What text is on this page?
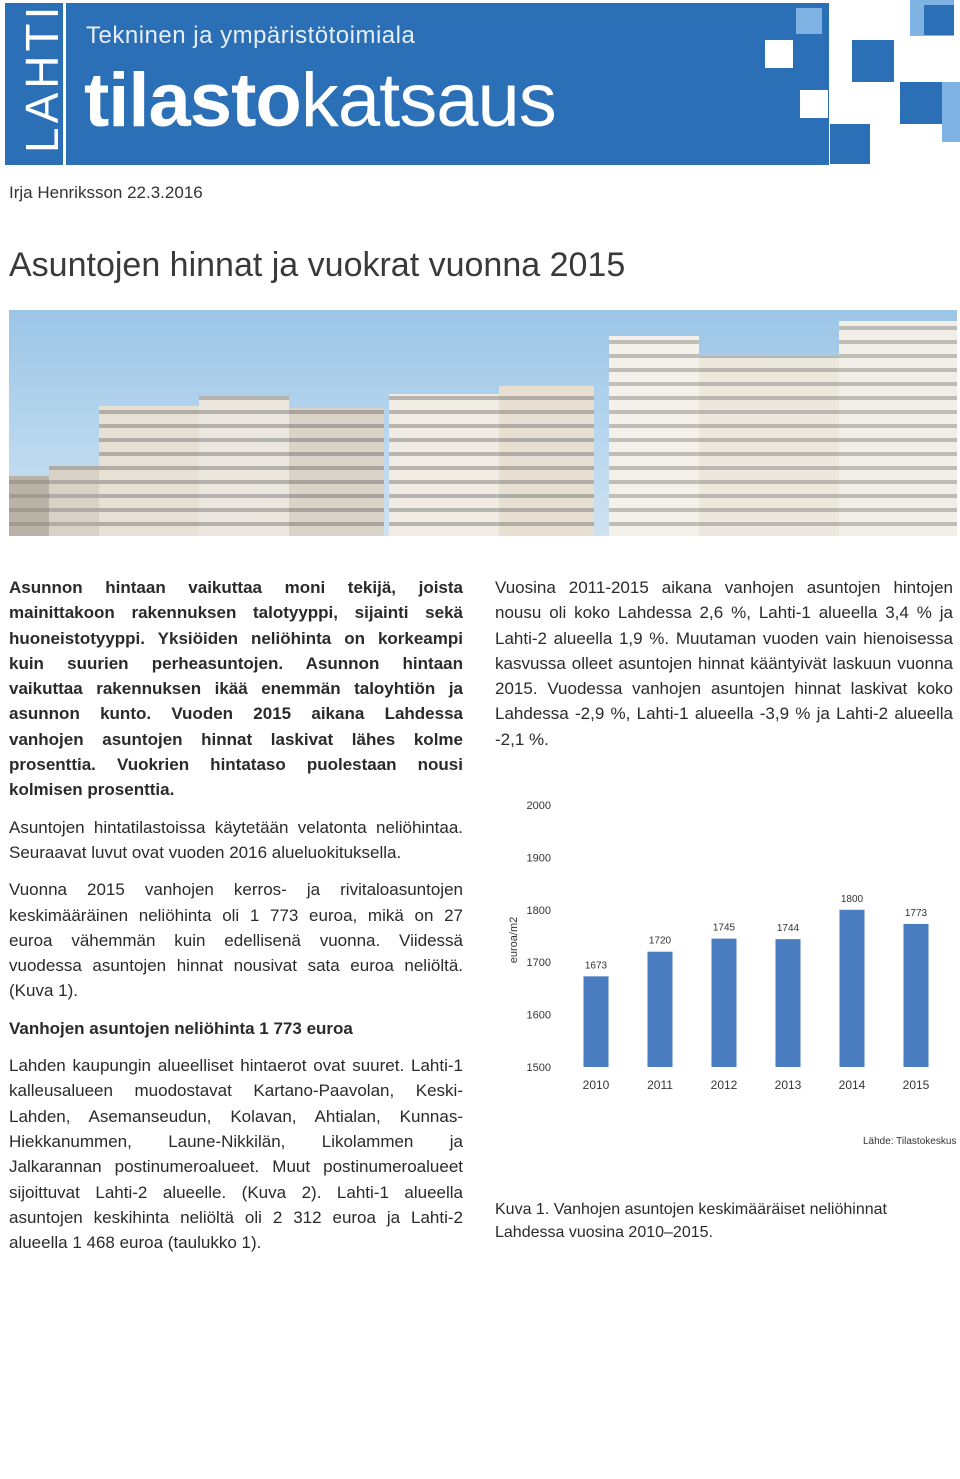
LAHTI Tekninen ja ympäristötoimiala
tilastokatsaus
Irja Henriksson 22.3.2016
Asuntojen hinnat ja vuokrat vuonna 2015

Asunnon hintaan vaikuttaa moni tekijä, joista mainittakoon rakennuksen talotyyppi, sijainti sekä huoneistotyyppi. Yksiöiden neliöhinta on korkeampi kuin suurien perheasuntojen. Asunnon hintaan vaikuttaa rakennuksen ikää enemmän taloyhtiön ja asunnon kunto. Vuoden 2015 aikana Lahdessa vanhojen asuntojen hinnat laskivat lähes kolme prosenttia. Vuokrien hintataso puolestaan nousi kolmisen prosenttia.

Asuntojen hintatilastoissa käytetään velatonta neliöhintaa. Seuraavat luvut ovat vuoden 2016 alueluokituksella.

Vuonna 2015 vanhojen kerros- ja rivitaloasuntojen keskimääräinen neliöhinta oli 1 773 euroa, mikä on 27 euroa vähemmän kuin edellisenä vuonna. Viidessä vuodessa asuntojen hinnat nousivat sata euroa neliöltä. (Kuva 1).

Vanhojen asuntojen neliöhinta 1 773 euroa

Lahden kaupungin alueelliset hintaerot ovat suuret. Lahti-1 kalleusalueen muodostavat Kartano-Paavolan, Keski-Lahden, Asemanseudun, Kolavan, Ahtialan, Kunnas-Hiekkanummen, Laune-Nikkilän, Likolammen ja Jalkarannan postinumeroalueet. Muut postinumeroalueet sijoittuvat Lahti-2 alueelle. (Kuva 2). Lahti-1 alueella asuntojen keskihinta neliöltä oli 2 312 euroa ja Lahti-2 alueella 1 468 euroa (taulukko 1).

Vuosina 2011-2015 aikana vanhojen asuntojen hintojen nousu oli koko Lahdessa 2,6 %, Lahti-1 alueella 3,4 % ja Lahti-2 alueella 1,9 %. Muutaman vuoden vain hienoisessa kasvussa olleet asuntojen hinnat kääntyivät laskuun vuonna 2015. Vuodessa vanhojen asuntojen hinnat laskivat koko Lahdessa -2,9 %, Lahti-1 alueella -3,9 % ja Lahti-2 alueella -2,1 %.

1500
1600
1700
1800
1900
2000
euroa/m2
1673
2010
1720
2011
1745
2012
1744
2013
1800
2014
1773
2015
Lähde: Tilastokeskus
Kuva 1. Vanhojen asuntojen keskimääräiset neliöhinnat Lahdessa vuosina 2010–2015.
